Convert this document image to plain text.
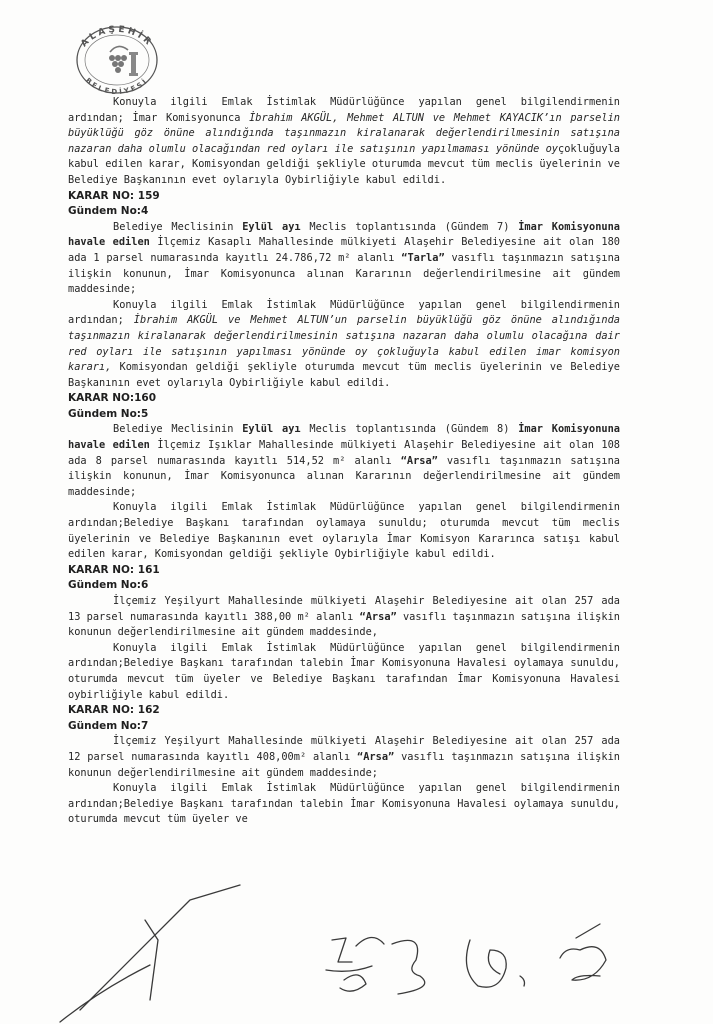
ALAŞEHİR
BELEDİYESİ

Konuyla ilgili Emlak İstimlak Müdürlüğünce yapılan genel bilgilendirmenin ardından; İmar Komisyonunca İbrahim AKGÜL, Mehmet ALTUN ve Mehmet KAYACIK’ın parselin büyüklüğü göz önüne alındığında taşınmazın kiralanarak değerlendirilmesinin satışına nazaran daha olumlu olacağından red oyları ile satışının yapılmaması yönünde oyçokluğuyla kabul edilen karar, Komisyondan geldiği şekliyle oturumda mevcut tüm meclis üyelerinin ve Belediye Başkanının evet oylarıyla Oybirliğiyle kabul edildi.

KARAR NO: 159

Gündem No:4

Belediye Meclisinin Eylül ayı Meclis toplantısında (Gündem 7) İmar Komisyonuna havale edilen İlçemiz Kasaplı Mahallesinde mülkiyeti Alaşehir Belediyesine ait olan 180 ada 1 parsel numarasında kayıtlı 24.786,72 m² alanlı “Tarla” vasıflı taşınmazın satışına ilişkin konunun, İmar Komisyonunca alınan Kararının değerlendirilmesine ait gündem maddesinde;

Konuyla ilgili Emlak İstimlak Müdürlüğünce yapılan genel bilgilendirmenin ardından; İbrahim AKGÜL ve Mehmet ALTUN’un parselin büyüklüğü göz önüne alındığında taşınmazın kiralanarak değerlendirilmesinin satışına nazaran daha olumlu olacağına dair red oyları ile satışının yapılması yönünde oy çokluğuyla kabul edilen imar komisyon kararı, Komisyondan geldiği şekliyle oturumda mevcut tüm meclis üyelerinin ve Belediye Başkanının evet oylarıyla Oybirliğiyle kabul edildi.

KARAR NO:160

Gündem No:5

Belediye Meclisinin Eylül ayı Meclis toplantısında (Gündem 8) İmar Komisyonuna havale edilen İlçemiz Işıklar Mahallesinde mülkiyeti Alaşehir Belediyesine ait olan 108 ada 8 parsel numarasında kayıtlı 514,52 m² alanlı “Arsa” vasıflı taşınmazın satışına ilişkin konunun, İmar Komisyonunca alınan Kararının değerlendirilmesine ait gündem maddesinde;

Konuyla ilgili Emlak İstimlak Müdürlüğünce yapılan genel bilgilendirmenin ardından;Belediye Başkanı tarafından oylamaya sunuldu; oturumda mevcut tüm meclis üyelerinin ve Belediye Başkanının evet oylarıyla İmar Komisyon Kararınca satışı kabul edilen karar, Komisyondan geldiği şekliyle Oybirliğiyle kabul edildi.

KARAR NO: 161

Gündem No:6

İlçemiz Yeşilyurt Mahallesinde mülkiyeti Alaşehir Belediyesine ait olan 257 ada 13 parsel numarasında kayıtlı 388,00 m² alanlı “Arsa” vasıflı taşınmazın satışına ilişkin konunun değerlendirilmesine ait gündem maddesinde,

Konuyla ilgili Emlak İstimlak Müdürlüğünce yapılan genel bilgilendirmenin ardından;Belediye Başkanı tarafından talebin İmar Komisyonuna Havalesi oylamaya sunuldu, oturumda mevcut tüm üyeler ve Belediye Başkanı tarafından İmar Komisyonuna Havalesi oybirliğiyle kabul edildi.

KARAR NO: 162

Gündem No:7

İlçemiz Yeşilyurt Mahallesinde mülkiyeti Alaşehir Belediyesine ait olan 257 ada 12 parsel numarasında kayıtlı 408,00m² alanlı “Arsa” vasıflı taşınmazın satışına ilişkin konunun değerlendirilmesine ait gündem maddesinde;

Konuyla ilgili Emlak İstimlak Müdürlüğünce yapılan genel bilgilendirmenin ardından;Belediye Başkanı tarafından talebin İmar Komisyonuna Havalesi oylamaya sunuldu, oturumda mevcut tüm üyeler ve
